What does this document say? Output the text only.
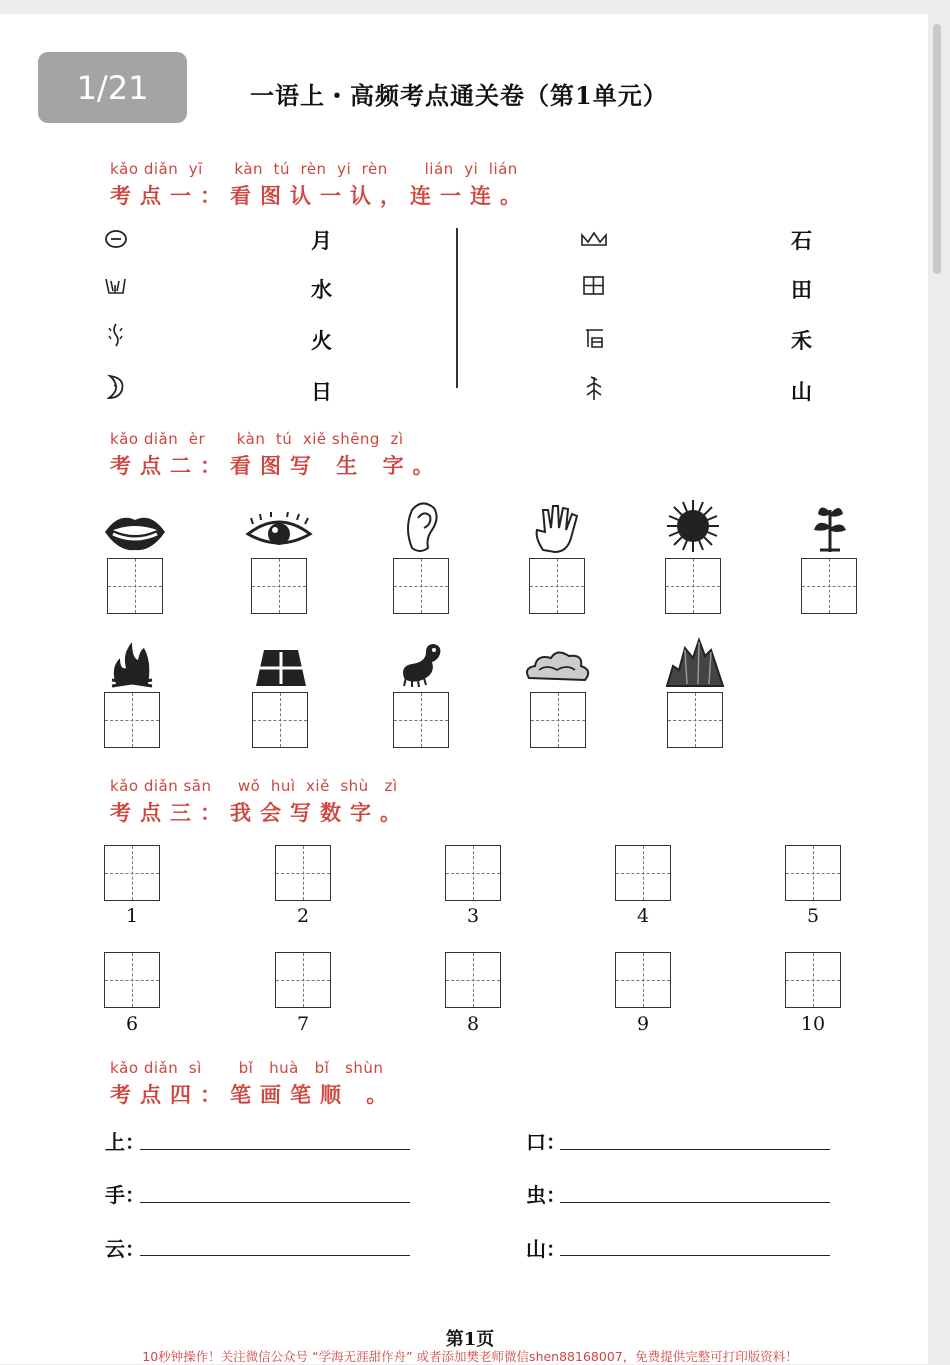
1/21	一语上・高频考点通关卷（第1单元）
kǎo diǎn  yī      kàn  tú  rèn  yi  rèn       lián  yi  lián
考点一：看图认一认，连一连。
月
水
火
日
石
田
禾
山
kǎo diǎn  èr      kàn  tú  xiě shēng  zì
考点二：看图写 生 字。
kǎo diǎn sān     wǒ  huì  xiě  shù   zì
考点三：我会写数字。
1	2	3	4	5
6	7	8	9	10
kǎo diǎn  sì       bǐ   huà   bǐ   shùn
考点四：笔画笔顺 。
上：
手：
云：
口：
虫：
山：
第1页
10秒钟操作！关注微信公众号 “学海无涯甜作舟” 或者添加樊老师微信shen88168007，免费提供完整可打印版资料！
